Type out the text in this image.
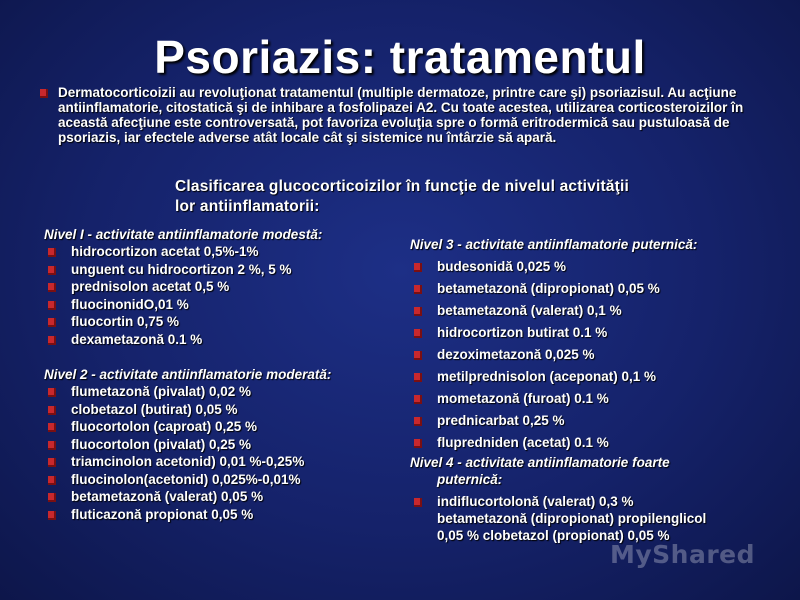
Psoriazis: tratamentul
Dermatocorticoizii au revoluţionat tratamentul (multiple dermatoze, printre care şi) psoriazisul. Au acţiune antiinflamatorie, citostatică şi de inhibare a fosfolipazei A2. Cu toate acestea, utilizarea corticosteroizilor în această afecţiune este controversată, pot favoriza evoluţia spre o formă eritrodermică sau pustuloasă de psoriazis, iar efectele adverse atât locale cât şi sistemice nu întârzie să apară.
Clasificarea glucocorticoizilor în funcţie de nivelul activităţii lor antiinflamatorii:
Nivel I - activitate antiinflamatorie modestă:
hidrocortizon acetat 0,5%-1%
unguent cu hidrocortizon 2 %, 5 %
prednisolon acetat 0,5 %
fluocinonidO,01 %
fluocortin 0,75 %
dexametazonă 0.1 %
Nivel 2 - activitate antiinflamatorie moderată:
flumetazonă (pivalat) 0,02 %
clobetazol (butirat) 0,05 %
fluocortolon (caproat) 0,25 %
fluocortolon (pivalat) 0,25 %
triamcinolon acetonid) 0,01 %-0,25%
fluocinolon(acetonid) 0,025%-0,01%
betametazonă (valerat) 0,05 %
fluticazonă propionat 0,05 %
Nivel 3 - activitate antiinflamatorie puternică:
budesonidă 0,025 %
betametazonă (dipropionat) 0,05 %
betametazonă (valerat) 0,1 %
hidrocortizon butirat 0.1 %
dezoximetazonă 0,025 %
metilprednisolon (aceponat) 0,1 %
mometazonă (furoat) 0.1 %
prednicarbat 0,25 %
flupredniden (acetat) 0.1 %
Nivel 4 - activitate antiinflamatorie foarte
puternică:
indiflucortolonă (valerat) 0,3 %
betametazonă (dipropionat) propilenglicol
0,05 % clobetazol (propionat) 0,05 %
MyShared
